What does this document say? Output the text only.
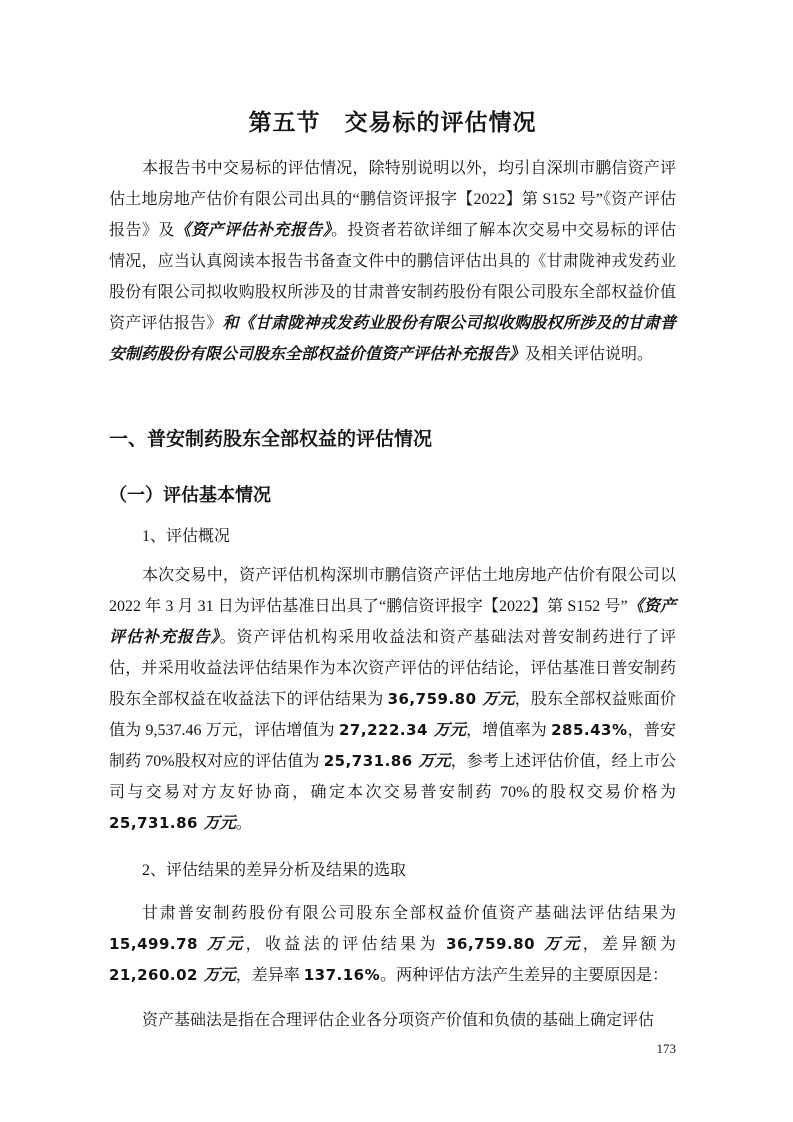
第五节　交易标的评估情况

本报告书中交易标的评估情况，除特别说明以外，均引自深圳市鹏信资产评估土地房地产估价有限公司出具的“鹏信资评报字【2022】第 S152 号”《资产评估报告》及《资产评估补充报告》。投资者若欲详细了解本次交易中交易标的评估情况，应当认真阅读本报告书备查文件中的鹏信评估出具的《甘肃陇神戎发药业股份有限公司拟收购股权所涉及的甘肃普安制药股份有限公司股东全部权益价值资产评估报告》和《甘肃陇神戎发药业股份有限公司拟收购股权所涉及的甘肃普安制药股份有限公司股东全部权益价值资产评估补充报告》及相关评估说明。

一、普安制药股东全部权益的评估情况
（一）评估基本情况

1、评估概况

本次交易中，资产评估机构深圳市鹏信资产评估土地房地产估价有限公司以 2022 年 3 月 31 日为评估基准日出具了“鹏信资评报字【2022】第 S152 号”《资产评估补充报告》。资产评估机构采用收益法和资产基础法对普安制药进行了评估，并采用收益法评估结果作为本次资产评估的评估结论，评估基准日普安制药股东全部权益在收益法下的评估结果为 36,759.80 万元，股东全部权益账面价值为 9,537.46 万元，评估增值为 27,222.34 万元，增值率为 285.43%，普安制药 70%股权对应的评估值为 25,731.86 万元，参考上述评估价值，经上市公司与交易对方友好协商，确定本次交易普安制药 70%的股权交易价格为 25,731.86 万元。

2、评估结果的差异分析及结果的选取

甘肃普安制药股份有限公司股东全部权益价值资产基础法评估结果为 15,499.78 万元，收益法的评估结果为 36,759.80 万元，差异额为 21,260.02 万元，差异率 137.16%。两种评估方法产生差异的主要原因是：

资产基础法是指在合理评估企业各分项资产价值和负债的基础上确定评估

173
